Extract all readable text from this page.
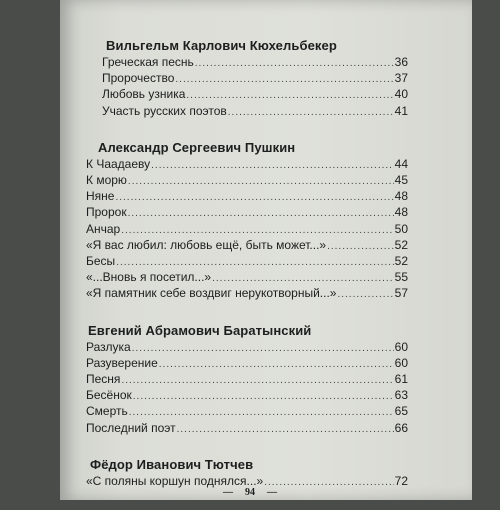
Вильгельм Карлович Кюхельбекер
Греческая песнь .....	36
Пророчество .....	37
Любовь узника .....	40
Участь русских поэтов .....	41
Александр Сергеевич Пушкин
К Чаадаеву .....	44
К морю .....	45
Няне .....	48
Пророк .....	48
Анчар .....	50
«Я вас любил: любовь ещё, быть может...» .....	52
Бесы .....	52
«...Вновь я посетил...» .....	55
«Я памятник себе воздвиг нерукотворный...» .....	57
Евгений Абрамович Баратынский
Разлука .....	60
Разуверение .....	60
Песня .....	61
Бесёнок .....	63
Смерть .....	65
Последний поэт .....	66
Фёдор Иванович Тютчев
«С поляны коршун поднялся...» .....	72
— 94 —
